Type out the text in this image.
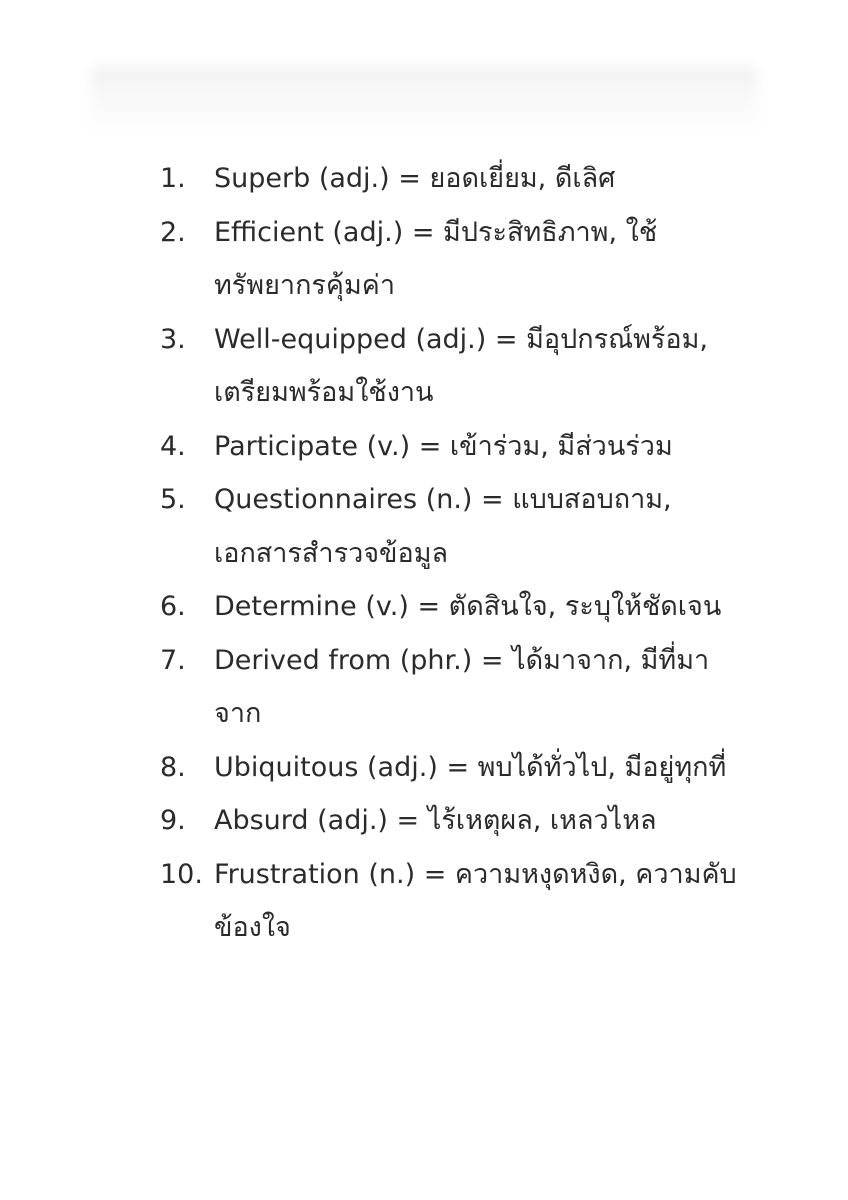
1.	Superb (adj.) = ยอดเยี่ยม, ดีเลิศ
2.	Efficient (adj.) = มีประสิทธิภาพ, ใช้ทรัพยากรคุ้มค่า
3.	Well-equipped (adj.) = มีอุปกรณ์พร้อม, เตรียมพร้อมใช้งาน
4.	Participate (v.) = เข้าร่วม, มีส่วนร่วม
5.	Questionnaires (n.) = แบบสอบถาม, เอกสารสำรวจข้อมูล
6.	Determine (v.) = ตัดสินใจ, ระบุให้ชัดเจน
7.	Derived from (phr.) = ได้มาจาก, มีที่มาจาก
8.	Ubiquitous (adj.) = พบได้ทั่วไป, มีอยู่ทุกที่
9.	Absurd (adj.) = ไร้เหตุผล, เหลวไหล
10. Frustration (n.) = ความหงุดหงิด, ความคับข้องใจ
